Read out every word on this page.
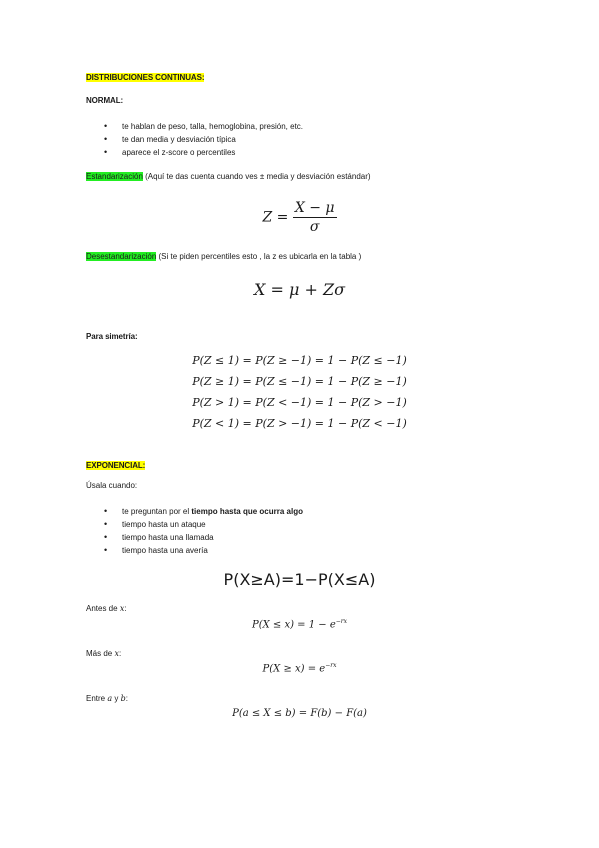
DISTRIBUCIONES CONTINUAS:
NORMAL:
• te hablan de peso, talla, hemoglobina, presión, etc.
• te dan media y desviación típica
• aparece el z-score o percentiles
Estandarización (Aquí te das cuenta cuando ves ± media y desviación estándar)
$Z = \frac{X - \mu}{\sigma}$
Desestandarización (Si te piden percentiles esto , la z es ubicarla en la tabla )
X = μ + Zσ
Para simetría:
P(Z ≤ 1) = P(Z ≥ −1) = 1 − P(Z ≤ −1)
P(Z ≥ 1) = P(Z ≤ −1) = 1 − P(Z ≥ −1)
P(Z > 1) = P(Z < −1) = 1 − P(Z > −1)
P(Z < 1) = P(Z > −1) = 1 − P(Z < −1)
EXPONENCIAL:
Úsala cuando:
• te preguntan por el tiempo hasta que ocurra algo
• tiempo hasta un ataque
• tiempo hasta una llamada
• tiempo hasta una avería
P(X≥A)=1−P(X≤A)
Antes de x:
$P(X \le x) = 1 - e^{-rx}$
Más de x:
$P(X \ge x) = e^{-rx}$
Entre a y b:
P(a ≤ X ≤ b) = F(b) − F(a)
